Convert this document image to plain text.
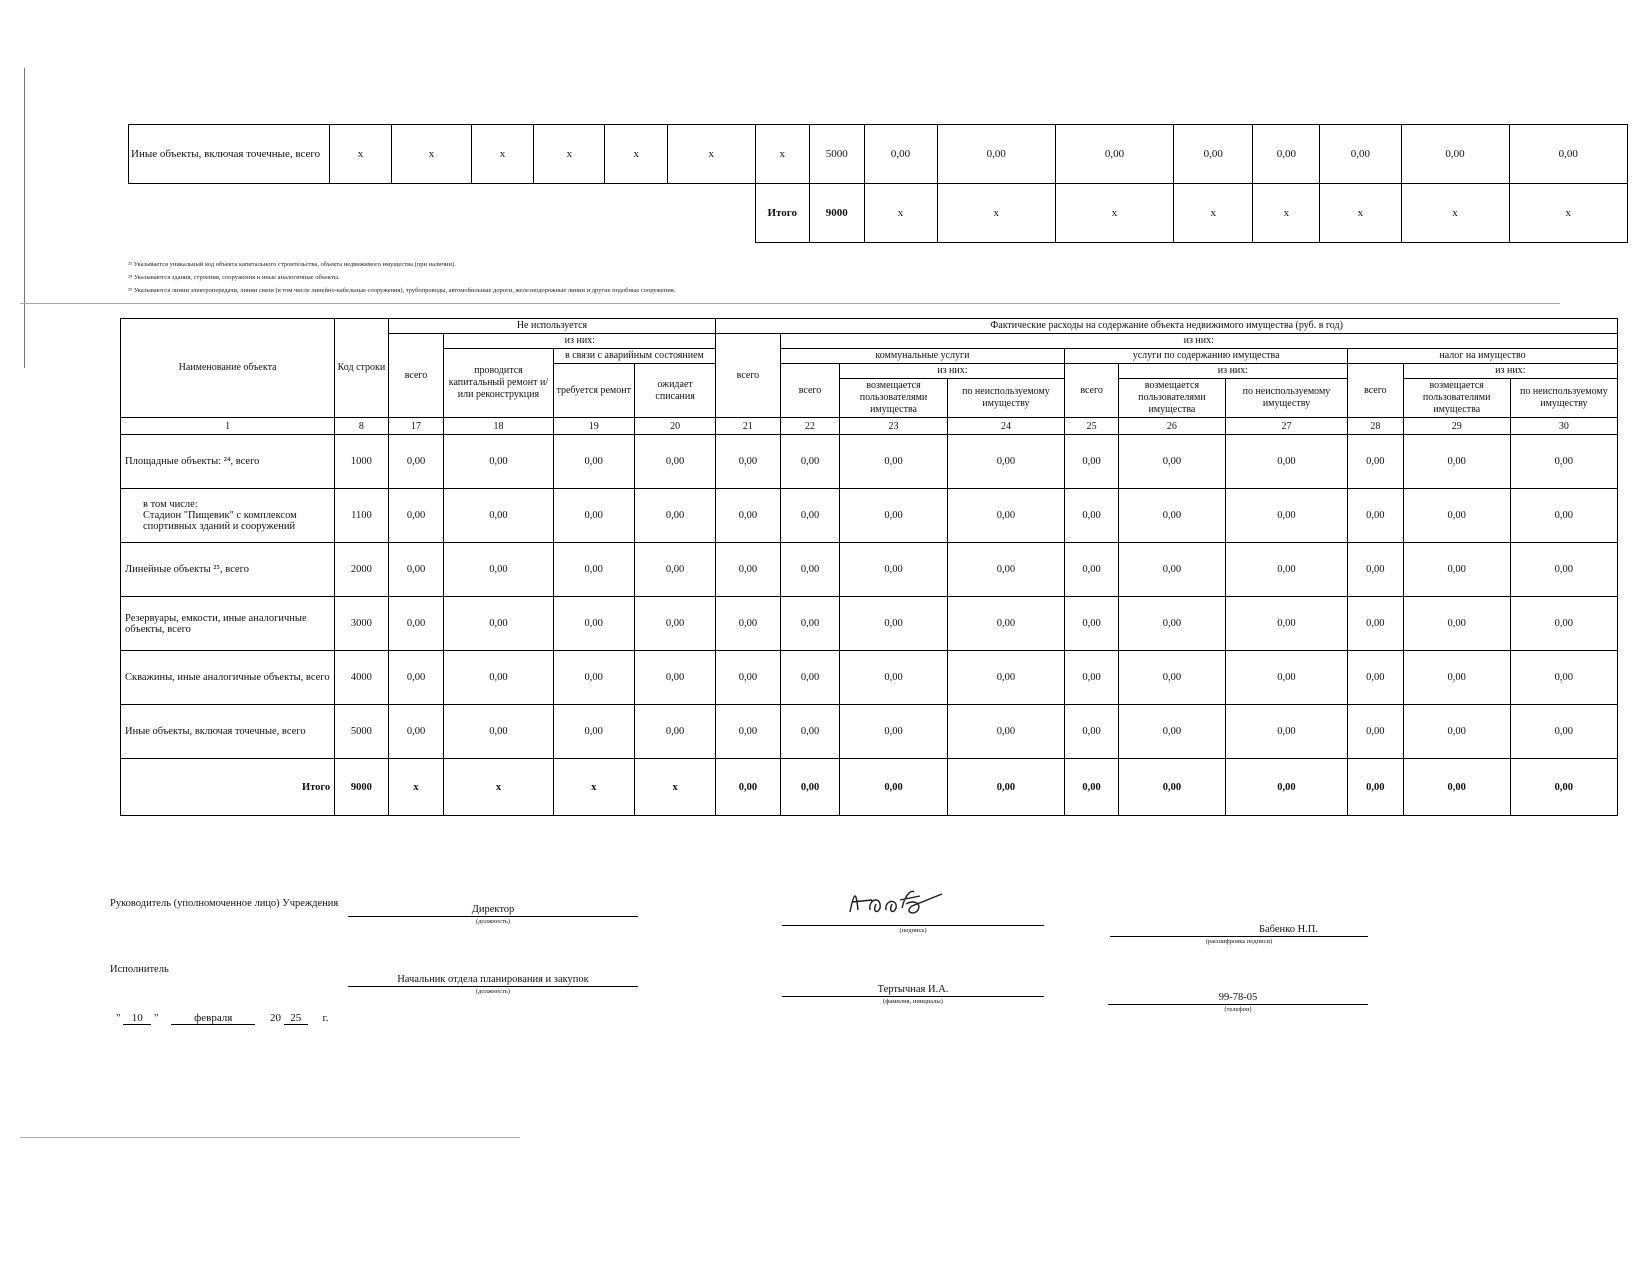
Иные объекты, включая точечные, всего	x	x	x	x	x	x	x	5000	0,00	0,00	0,00	0,00	0,00	0,00	0,00	0,00
							Итого	9000	x	x	x	x	x	x	x	x
²³ Указывается уникальный код объекта капитального строительства, объекта недвижимого имущества (при наличии).
²⁴ Указываются здания, строения, сооружения и иные аналогичные объекты.
²⁵ Указываются линии электропередачи, линии связи (в том числе линейно-кабельные сооружения), трубопроводы, автомобильные дороги, железнодорожные линии и другие подобные сооружения.
Наименование объекта	Код строки	Не используется				Фактические расходы на содержание объекта недвижимого имущества (руб. в год)									
		всего	из них:			всего	из них:								
			проводится капитальный ремонт и/или реконструкция	в связи с аварийным состоянием			коммунальные услуги			услуги по содержанию имущества			налог на имущество		
				требуется ремонт	ожидает списания		всего	из них:		всего	из них:		всего	из них:	
								возмещается пользователями имущества	по неиспользуемому имуществу		возмещается пользователями имущества	по неиспользуемому имуществу		возмещается пользователями имущества	по неиспользуемому имуществу
1	8	17	18	19	20	21	22	23	24	25	26	27	28	29	30
Площадные объекты: ²⁴, всего	1000	0,00	0,00	0,00	0,00	0,00	0,00	0,00	0,00	0,00	0,00	0,00	0,00	0,00	0,00

в том числе:
Стадион "Пищевик" с комплексом спортивных зданий и сооружений	1100	0,00	0,00	0,00	0,00	0,00	0,00	0,00	0,00	0,00	0,00	0,00	0,00	0,00	0,00
Линейные объекты ²⁵, всего	2000	0,00	0,00	0,00	0,00	0,00	0,00	0,00	0,00	0,00	0,00	0,00	0,00	0,00	0,00
Резервуары, емкости, иные аналогичные объекты, всего	3000	0,00	0,00	0,00	0,00	0,00	0,00	0,00	0,00	0,00	0,00	0,00	0,00	0,00	0,00
Скважины, иные аналогичные объекты, всего	4000	0,00	0,00	0,00	0,00	0,00	0,00	0,00	0,00	0,00	0,00	0,00	0,00	0,00	0,00
Иные объекты, включая точечные, всего	5000	0,00	0,00	0,00	0,00	0,00	0,00	0,00	0,00	0,00	0,00	0,00	0,00	0,00	0,00
Итого	9000	x	x	x	x	0,00	0,00	0,00	0,00	0,00	0,00	0,00	0,00	0,00	0,00
Руководитель (уполномоченное лицо) Учреждения
Директор
(должность)
(подпись)	Бабенко Н.П.
(расшифровка подписи)
Исполнитель
Начальник отдела планирования и закупок
(должность)	Тертычная И.А.
(фамилия, инициалы)	99-78-05
(телефон)
" 10 "	февраля	20 25 г.
